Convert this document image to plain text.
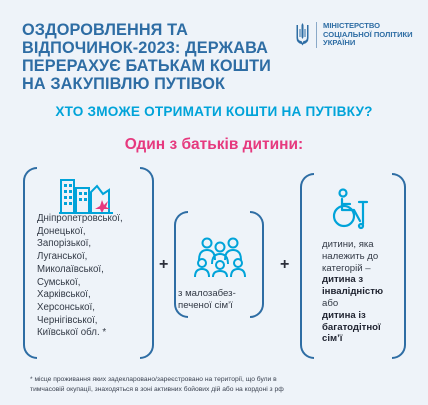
ОЗДОРОВЛЕННЯ ТА ВІДПОЧИНОК-2023: ДЕРЖАВА ПЕРЕРАХУЄ БАТЬКАМ КОШТИ НА ЗАКУПІВЛЮ ПУТІВОК
МІНІСТЕРСТВО
СОЦІАЛЬНОЇ ПОЛІТИКИ
УКРАЇНИ
ХТО ЗМОЖЕ ОТРИМАТИ КОШТИ НА ПУТІВКУ?
Один з батьків дитини:
Дніпропетровської,
Донецької,
Запорізької,
Луганської,
Миколаївської,
Сумської,
Харківської,
Херсонської,
Чернігівської,
Київської обл. *
+
з малозабез-
печеної сім’ї
+
дитини, яка
належить до
категорій –
дитина з
інвалідністю
або
дитина із
багатодітної
сім’ї
* місце проживання яких задекларовано/зареєстровано на території, що були в
тимчасовій окупації, знаходяться в зоні активних бойових дій або на кордоні з рф
